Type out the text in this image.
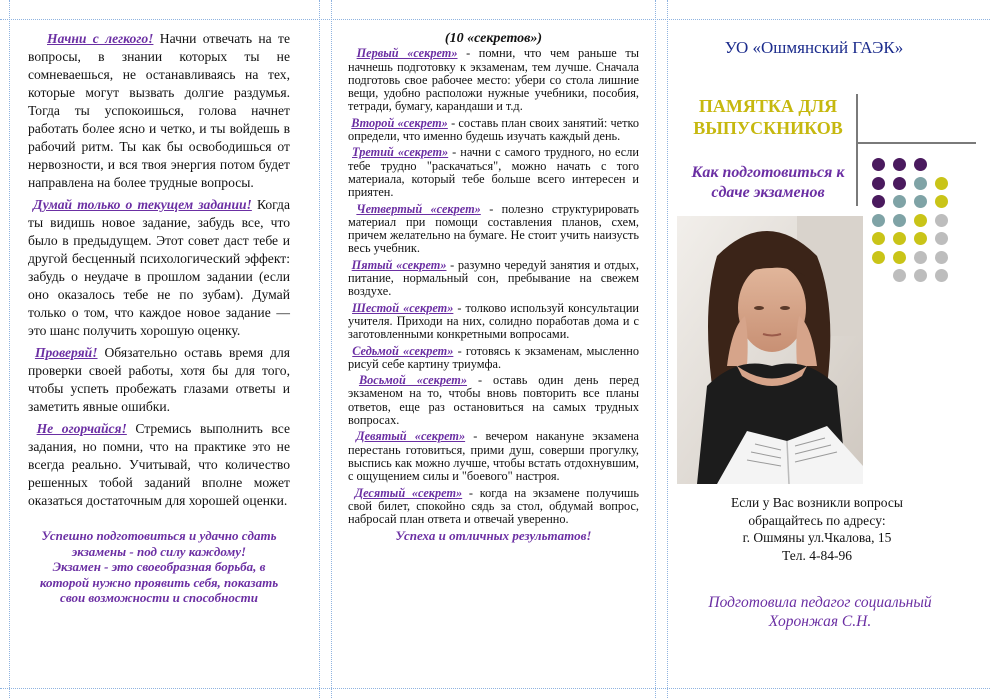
Начни с легкого! Начни отвечать на те вопросы, в знании которых ты не сомневаешься, не останавливаясь на тех, которые могут вызвать долгие раздумья. Тогда ты успокоишься, голова начнет работать более ясно и четко, и ты войдешь в рабочий ритм. Ты как бы освободишься от нервозности, и вся твоя энергия потом будет направлена на более трудные вопросы.

Думай только о текущем задании! Когда ты видишь новое задание, забудь все, что было в предыдущем. Этот совет даст тебе и другой бесценный психологический эффект: забудь о неудаче в прошлом задании (если оно оказалось тебе не по зубам). Думай только о том, что каждое новое задание — это шанс получить хорошую оценку.

Проверяй! Обязательно оставь время для проверки своей работы, хотя бы для того, чтобы успеть пробежать глазами ответы и заметить явные ошибки.

Не огорчайся! Стремись выполнить все задания, но помни, что на практике это не всегда реально. Учитывай, что количество решенных тобой заданий вполне может оказаться достаточным для хорошей оценки.

Успешно подготовиться и удачно сдать экзамены - под силу каждому!
Экзамен - это своеобразная борьба, в которой нужно проявить себя, показать свои возможности и способности
(10 «секретов»)

Первый «секрет» - помни, что чем раньше ты начнешь подготовку к экзаменам, тем лучше. Сначала подготовь свое рабочее место: убери со стола лишние вещи, удобно расположи нужные учебники, пособия, тетради, бумагу, карандаши и т.д.

Второй «секрет» - составь план своих занятий: четко определи, что именно будешь изучать каждый день.

Третий «секрет» - начни с самого трудного, но если тебе трудно "раскачаться", можно начать с того материала, который тебе больше всего интересен и приятен.

Четвертый «секрет» - полезно структурировать материал при помощи составления планов, схем, причем желательно на бумаге. Не стоит учить наизусть весь учебник.

Пятый «секрет» - разумно чередуй занятия и отдых, питание, нормальный сон, пребывание на свежем воздухе.

Шестой «секрет» - толково используй консультации учителя. Приходи на них, солидно поработав дома и с заготовленными конкретными вопросами.

Седьмой «секрет» - готовясь к экзаменам, мысленно рисуй себе картину триумфа.

Восьмой «секрет» - оставь один день перед экзаменом на то, чтобы вновь повторить все планы ответов, еще раз остановиться на самых трудных вопросах.

Девятый «секрет» - вечером накануне экзамена перестань готовиться, прими душ, соверши прогулку, выспись как можно лучше, чтобы встать отдохнувшим, с ощущением силы и "боевого" настроя.

Десятый «секрет» - когда на экзамене получишь свой билет, спокойно сядь за стол, обдумай вопрос, набросай план ответа и отвечай уверенно.

Успеха и отличных результатов!
УО «Ошмянский ГАЭК»
ПАМЯТКА ДЛЯ ВЫПУСКНИКОВ
Как подготовиться к сдаче экзаменов
Если у Вас возникли вопросы
обращайтесь по адресу:
г. Ошмяны ул.Чкалова, 15
Тел. 4-84-96
Подготовила педагог социальный Хоронжая С.Н.
